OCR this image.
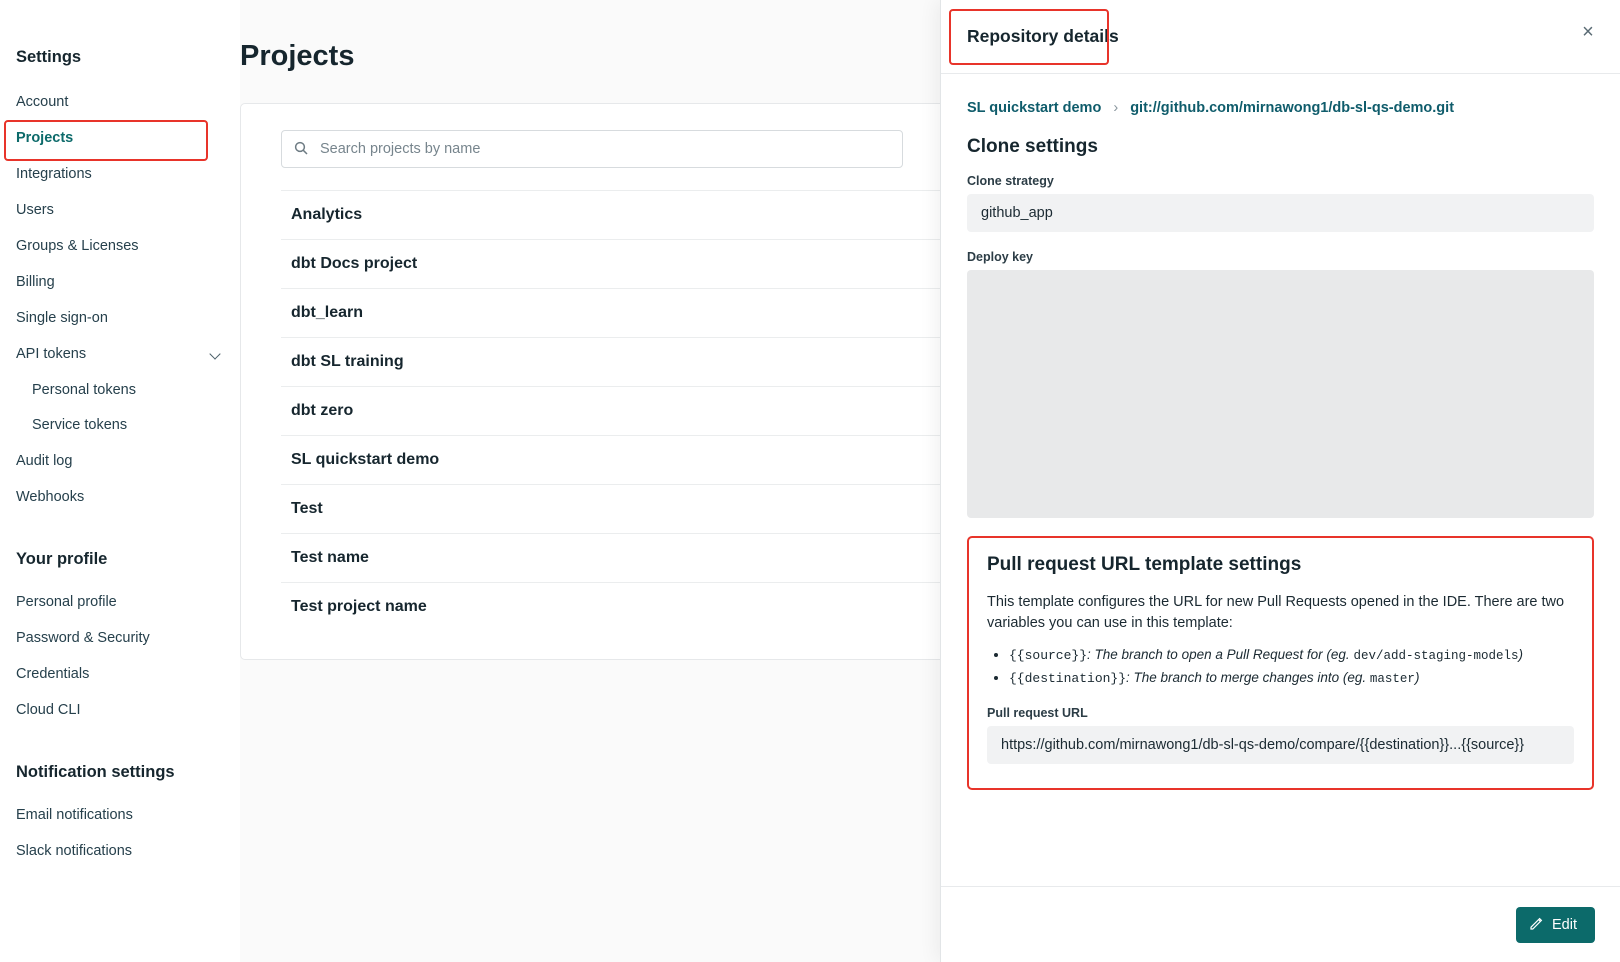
Settings
Account
Projects
Integrations
Users
Groups & Licenses
Billing
Single sign-on
API tokens
Personal tokens
Service tokens
Audit log
Webhooks
Your profile
Personal profile
Password & Security
Credentials
Cloud CLI
Notification settings
Email notifications
Slack notifications
Projects
Search projects by name
Analytics
dbt Docs project
dbt_learn
dbt SL training
dbt zero
SL quickstart demo
Test
Test name
Test project name
Repository details	×
SL quickstart demo › git://github.com/mirnawong1/db-sl-qs-demo.git
Clone settings
Clone strategy
github_app
Deploy key
Pull request URL template settings

This template configures the URL for new Pull Requests opened in the IDE. There are two variables you can use in this template:

• {{source}}: The branch to open a Pull Request for (eg. dev/add-staging-models)
• {{destination}}: The branch to merge changes into (eg. master)
Pull request URL
https://github.com/mirnawong1/db-sl-qs-demo/compare/{{destination}}...{{source}}
Edit
